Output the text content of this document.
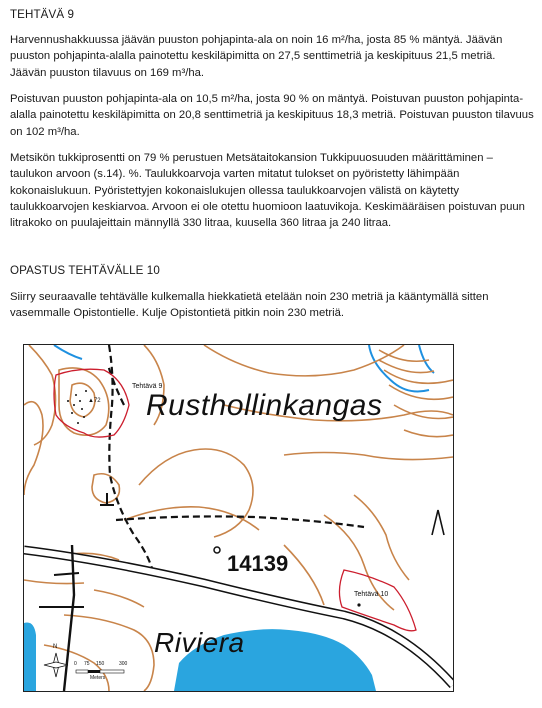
TEHTÄVÄ 9
Harvennushakkuussa jäävän puuston pohjapinta-ala on noin 16 m²/ha, josta 85 % mäntyä. Jäävän puuston pohjapinta-alalla painotettu keskiläpimitta on 27,5 senttimetriä ja keskipituus 21,5 metriä. Jäävän puuston tilavuus on 169 m³/ha.
Poistuvan puuston pohjapinta-ala on 10,5 m²/ha, josta 90 % on mäntyä. Poistuvan puuston pohjapinta-alalla painotettu keskiläpimitta on 20,8 senttimetriä ja keskipituus 18,3 metriä. Poistuvan puuston tilavuus on 102 m³/ha.
Metsikön tukkiprosentti on 79 % perustuen Metsätaitokansion Tukkipuuosuuden määrittäminen – taulukon arvoon (s.14). %. Taulukkoarvoja varten mitatut tulokset on pyöristetty lähimpään kokonaislukuun. Pyöristettyjen kokonaislukujen ollessa taulukkoarvojen välistä on käytetty taulukkoarvojen keskiarvoa. Arvoon ei ole otettu huomioon laatuvikoja. Keskimääräisen poistuvan puun litrakoko on puulajeittain männyllä 330 litraa, kuusella 360 litraa ja 240 litraa.
OPASTUS TEHTÄVÄLLE 10
Siirry seuraavalle tehtävälle kulkemalla hiekkatietä etelään noin 230 metriä ja kääntymällä sitten vasemmalle Opistontielle. Kulje Opistontietä pitkin noin 230 metriä.
▲72 Rusthollinkangas
Riviera
14139
Tehtävä 9
Tehtävä 10
N
0 75 150	300
Meters
